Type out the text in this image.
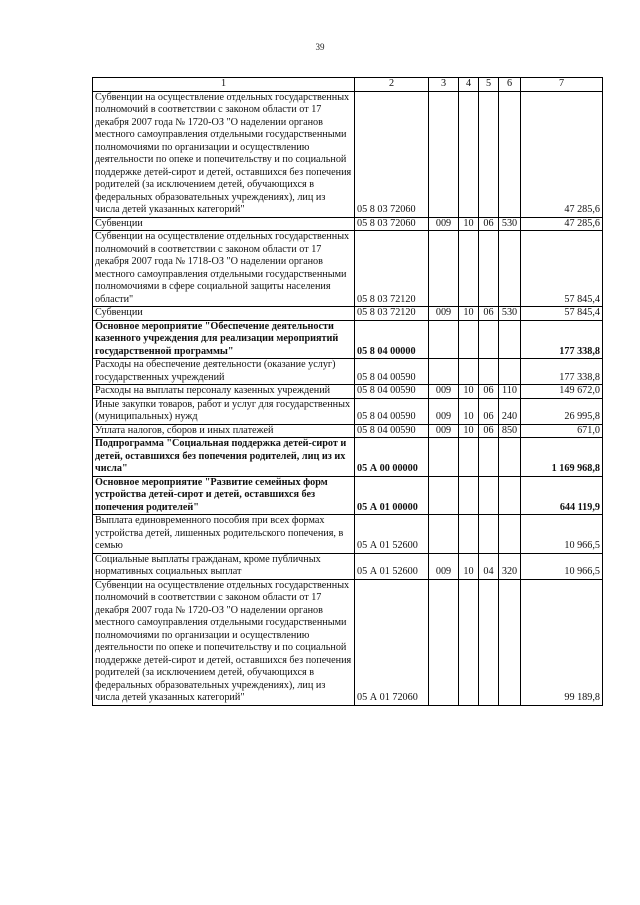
39
1	2	3	4	5	6	7
Субвенции на осуществление отдельных государственных полномочий в соответствии с законом области от 17 декабря 2007 года № 1720-ОЗ "О наделении органов местного самоуправления отдельными государственными полномочиями по организации и осуществлению деятельности по опеке и попечительству и по социальной поддержке детей-сирот и детей, оставшихся без попечения родителей (за исключением детей, обучающихся в федеральных образовательных учреждениях), лиц из числа детей указанных категорий"	05 8 03 72060					47 285,6
Субвенции	05 8 03 72060	009	10	06	530	47 285,6
Субвенции на осуществление отдельных государственных полномочий в соответствии с законом области от 17 декабря 2007 года № 1718-ОЗ "О наделении органов местного самоуправления отдельными государственными полномочиями в сфере социальной защиты населения области"	05 8 03 72120					57 845,4
Субвенции	05 8 03 72120	009	10	06	530	57 845,4
Основное мероприятие "Обеспечение деятельности казенного учреждения для реализации мероприятий государственной программы"	05 8 04 00000					177 338,8
Расходы на обеспечение деятельности (оказание услуг) государственных учреждений	05 8 04 00590					177 338,8
Расходы на выплаты персоналу казенных учреждений	05 8 04 00590	009	10	06	110	149 672,0
Иные закупки товаров, работ и услуг для государственных (муниципальных) нужд	05 8 04 00590	009	10	06	240	26 995,8
Уплата налогов, сборов и иных платежей	05 8 04 00590	009	10	06	850	671,0
Подпрограмма "Социальная поддержка детей-сирот и детей, оставшихся без попечения родителей, лиц из их числа"	05 А 00 00000					1 169 968,8
Основное мероприятие "Развитие семейных форм устройства детей-сирот и детей, оставшихся без попечения родителей"	05 А 01 00000					644 119,9
Выплата единовременного пособия при всех формах устройства детей, лишенных родительского попечения, в семью	05 А 01 52600					10 966,5
Социальные выплаты гражданам, кроме публичных нормативных социальных выплат	05 А 01 52600	009	10	04	320	10 966,5
Субвенции на осуществление отдельных государственных полномочий в соответствии с законом области от 17 декабря 2007 года № 1720-ОЗ "О наделении органов местного самоуправления отдельными государственными полномочиями по организации и осуществлению деятельности по опеке и попечительству и по социальной поддержке детей-сирот и детей, оставшихся без попечения родителей (за исключением детей, обучающихся в федеральных образовательных учреждениях), лиц из числа детей указанных категорий"	05 А 01 72060					99 189,8
